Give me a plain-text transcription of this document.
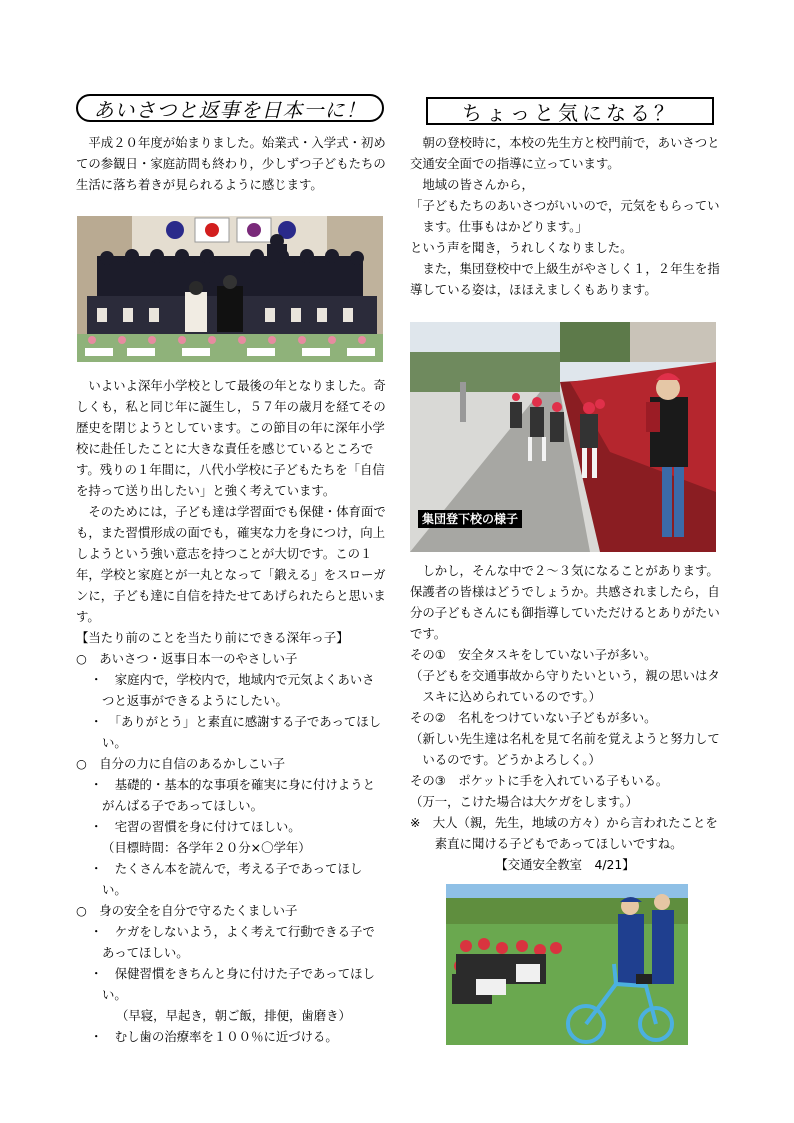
あいさつと返事を日本一に！

平成２０年度が始まりました。始業式・入学式・初めての参観日・家庭訪問も終わり，少しずつ子どもたちの生活に落ち着きが見られるように感じます。

いよいよ深年小学校として最後の年となりました。奇しくも，私と同じ年に誕生し，５７年の歳月を経てその歴史を閉じようとしています。この節目の年に深年小学校に赴任したことに大きな責任を感じているところです。残りの１年間に，八代小学校に子どもたちを「自信を持って送り出したい」と強く考えています。

そのためには，子ども達は学習面でも保健・体育面でも，また習慣形成の面でも，確実な力を身につけ，向上しようという強い意志を持つことが大切です。この１年，学校と家庭とが一丸となって「鍛える」をスローガンに，子ども達に自信を持たせてあげられたらと思います。

【当たり前のことを当たり前にできる深年っ子】

○　あいさつ・返事日本一のやさしい子

・　家庭内で，学校内で，地域内で元気よくあいさつと返事ができるようにしたい。

・　「ありがとう」と素直に感謝する子であってほしい。

○　自分の力に自信のあるかしこい子

・　基礎的・基本的な事項を確実に身に付けようとがんばる子であってほしい。

・　宅習の習慣を身に付けてほしい。

（目標時間：各学年２０分×〇学年）

・　たくさん本を読んで，考える子であってほしい。

○　身の安全を自分で守るたくましい子

・　ケガをしないよう，よく考えて行動できる子であってほしい。

・　保健習慣をきちんと身に付けた子であってほしい。

（早寝，早起き，朝ご飯，排便，歯磨き）

・　むし歯の治療率を１００％に近づける。

ちょっと気になる？

朝の登校時に，本校の先生方と校門前で，あいさつと交通安全面での指導に立っています。

地域の皆さんから，

「子どもたちのあいさつがいいので，元気をもらっています。仕事もはかどります。」

という声を聞き，うれしくなりました。

また，集団登校中で上級生がやさしく１，２年生を指導している姿は，ほほえましくもあります。

集団登下校の様子

しかし，そんな中で２～３気になることがあります。保護者の皆様はどうでしょうか。共感されましたら，自分の子どもさんにも御指導していただけるとありがたいです。

その①　安全タスキをしていない子が多い。

（子どもを交通事故から守りたいという，親の思いはタスキに込められているのです。）

その②　名札をつけていない子どもが多い。

（新しい先生達は名札を見て名前を覚えようと努力しているのです。どうかよろしく。）

その③　ポケットに手を入れている子もいる。

（万一，こけた場合は大ケガをします。）

※　大人（親，先生，地域の方々）から言われたことを素直に聞ける子どもであってほしいですね。

【交通安全教室　4/21】
